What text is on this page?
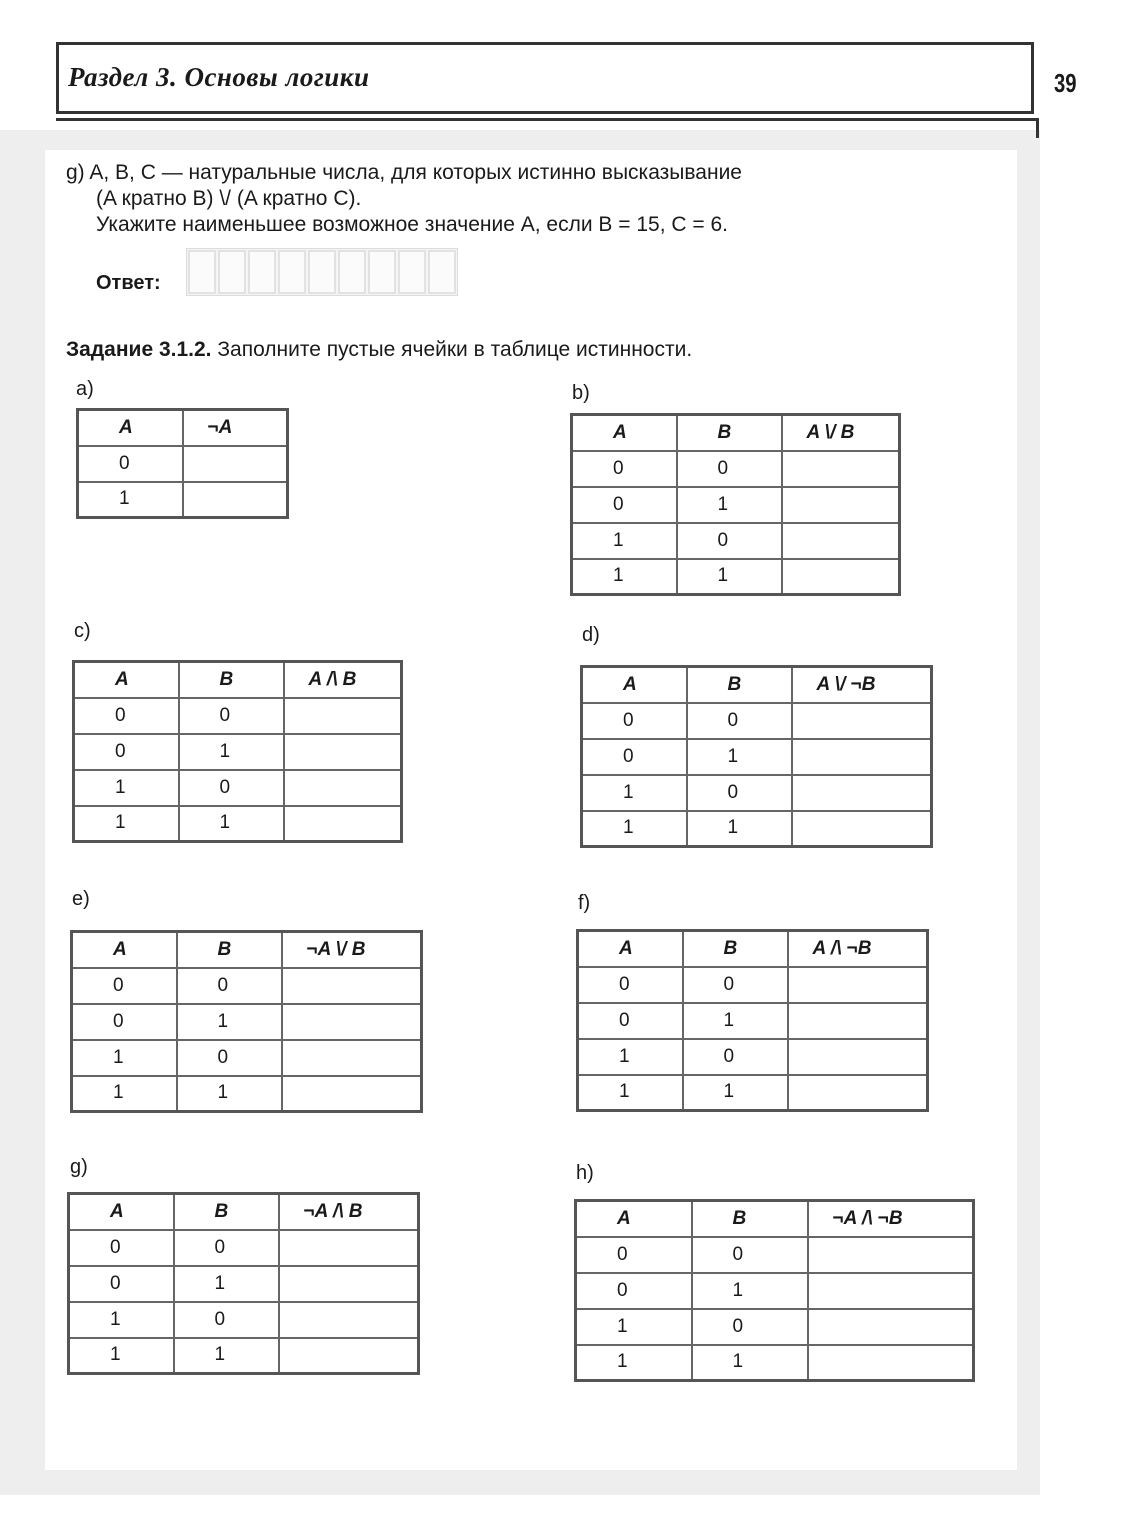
Раздел 3. Основы логики	39
g) A, B, C — натуральные числа, для которых истинно высказывание
(A кратно B) \/ (A кратно C).
Укажите наименьшее возможное значение A, если B = 15, C = 6.
Ответ:
Задание 3.1.2. Заполните пустые ячейки в таблице истинности.
a)
A	¬A
0	
1	
b)
A	B	A \/ B
0	0	
0	1	
1	0	
1	1	
c)
A	B	A /\ B
0	0	
0	1	
1	0	
1	1	
d)
A	B	A \/ ¬B
0	0	
0	1	
1	0	
1	1	
e)
A	B	¬A \/ B
0	0	
0	1	
1	0	
1	1	
f)
A	B	A /\ ¬B
0	0	
0	1	
1	0	
1	1	
g)
A	B	¬A /\ B
0	0	
0	1	
1	0	
1	1	
h)
A	B	¬A /\ ¬B
0	0	
0	1	
1	0	
1	1	
